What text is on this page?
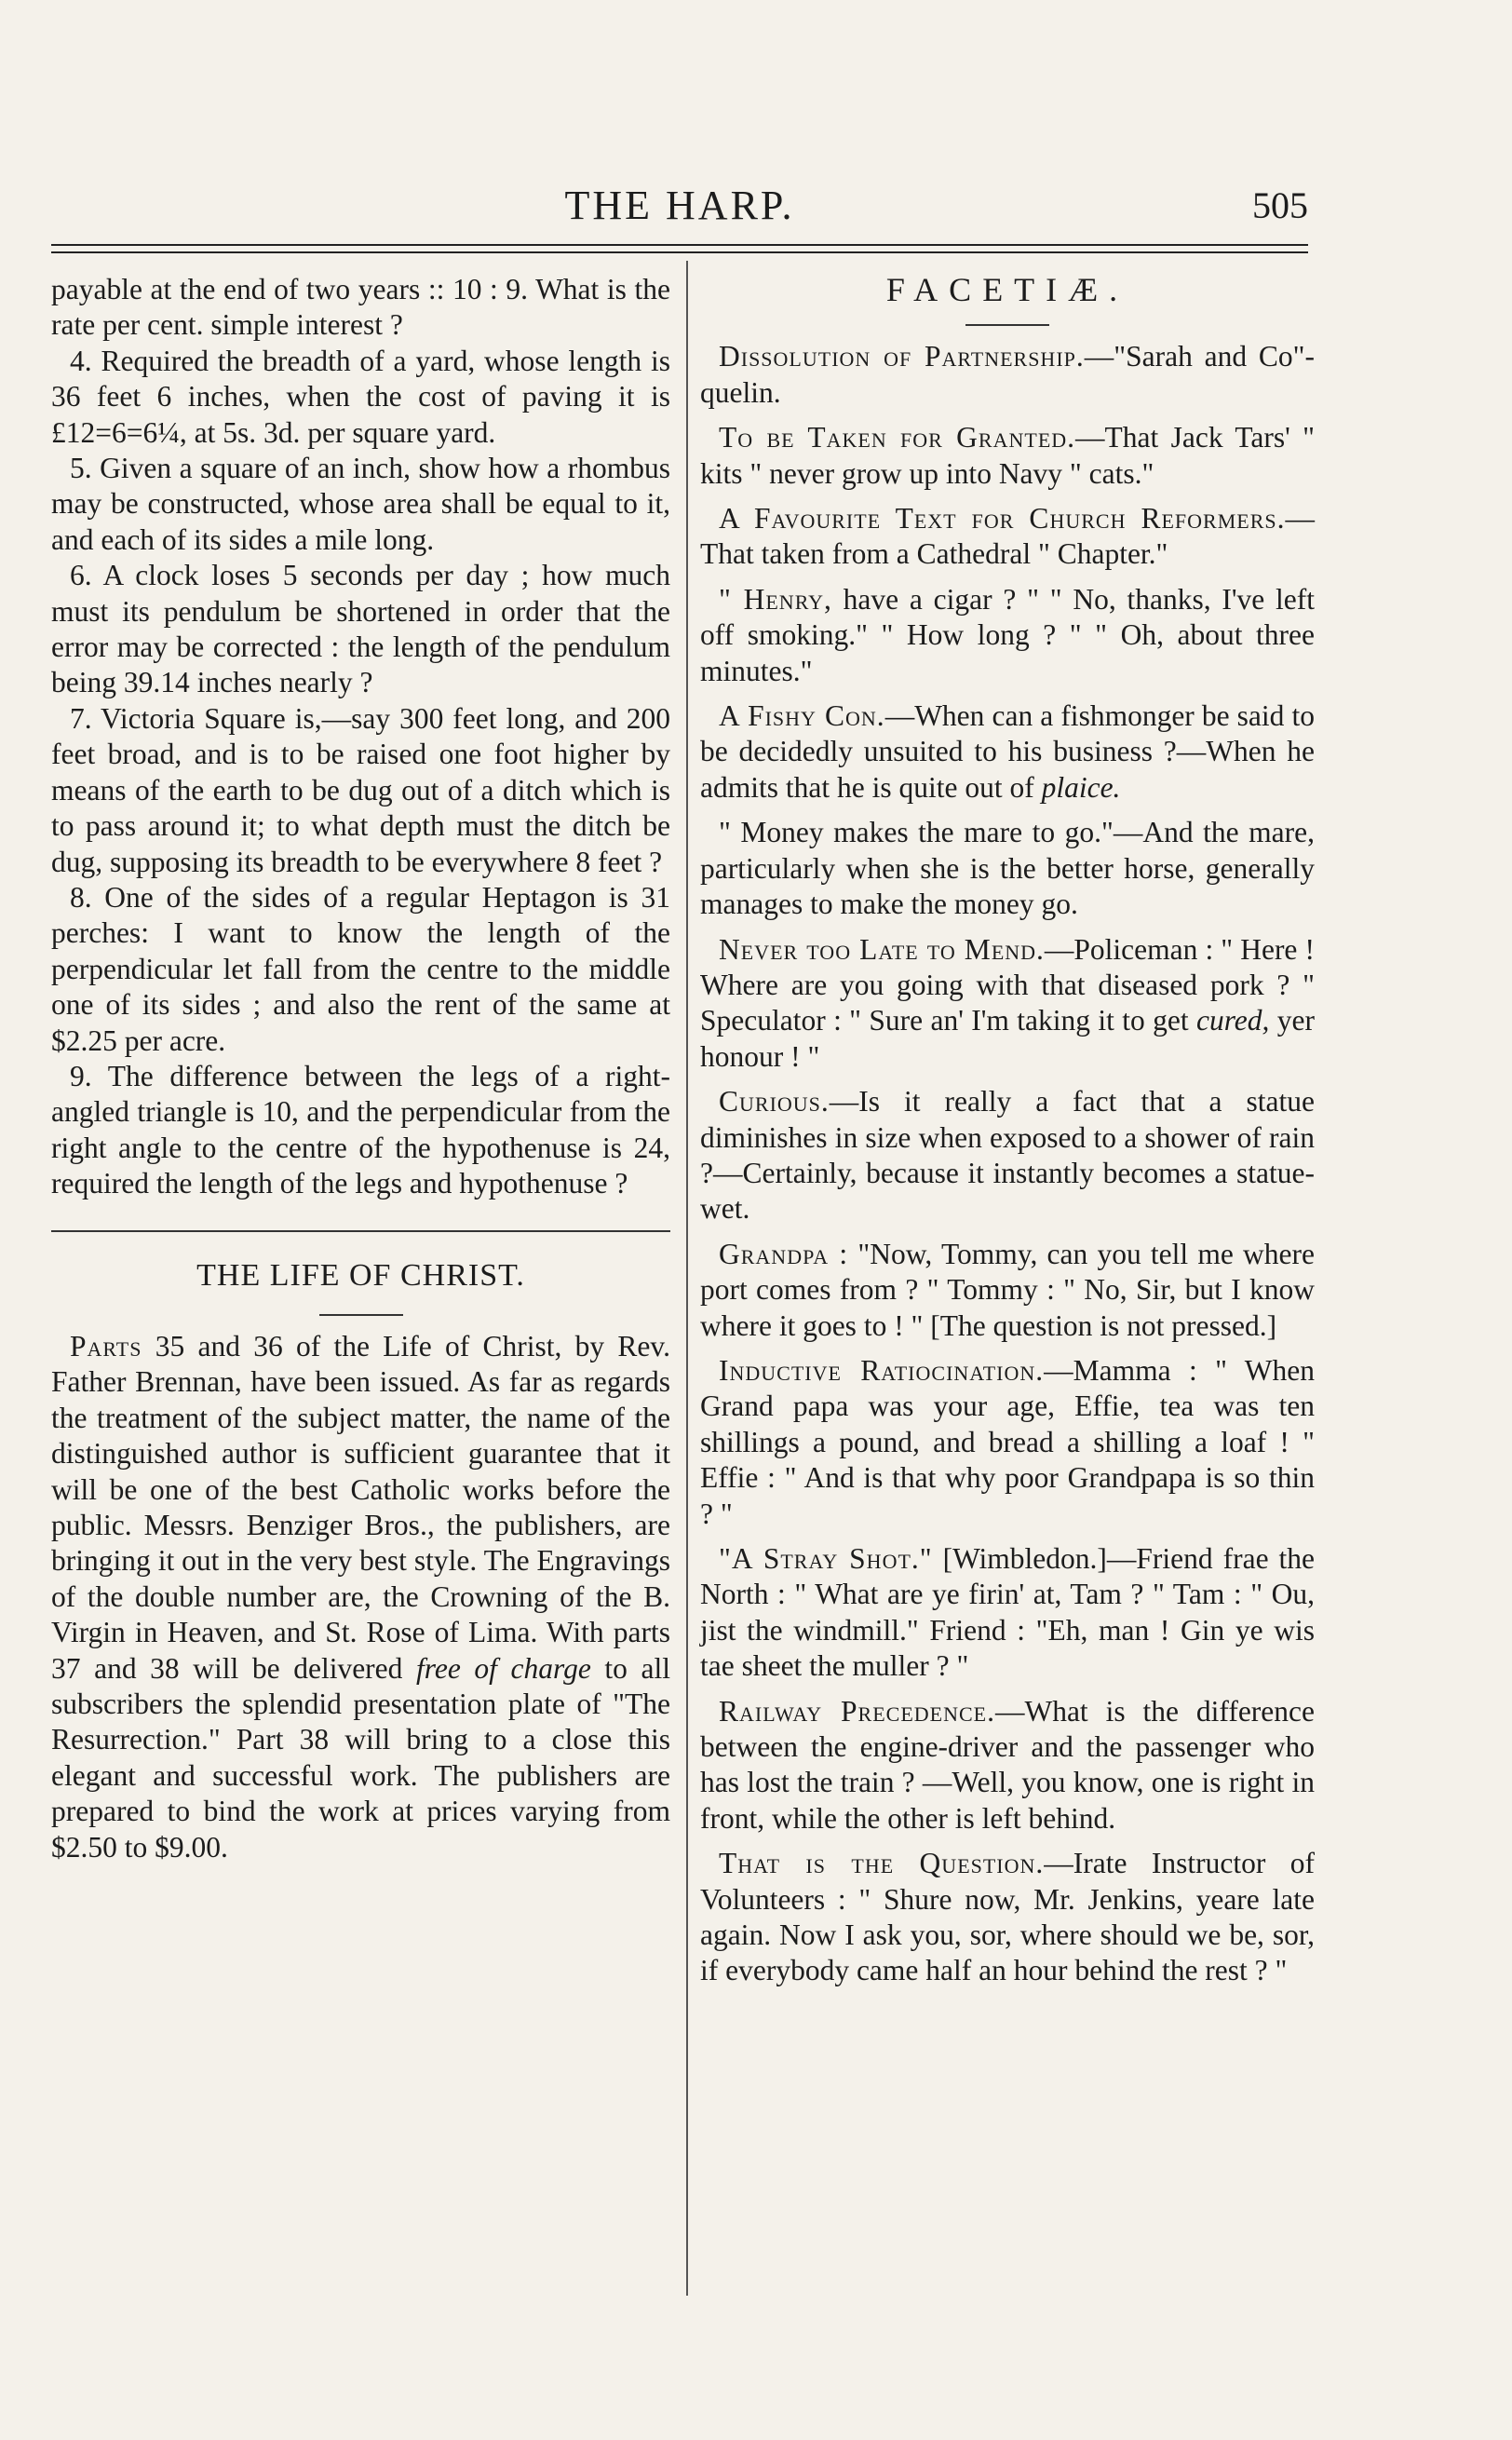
THE HARP.	505

payable at the end of two years :: 10 : 9. What is the rate per cent. simple interest ?

4. Required the breadth of a yard, whose length is 36 feet 6 inches, when the cost of paving it is £12=6=6¼, at 5s. 3d. per square yard.

5. Given a square of an inch, show how a rhombus may be constructed, whose area shall be equal to it, and each of its sides a mile long.

6. A clock loses 5 seconds per day ; how much must its pendulum be shortened in order that the error may be corrected : the length of the pendulum being 39.14 inches nearly ?

7. Victoria Square is,—say 300 feet long, and 200 feet broad, and is to be raised one foot higher by means of the earth to be dug out of a ditch which is to pass around it; to what depth must the ditch be dug, supposing its breadth to be everywhere 8 feet ?

8. One of the sides of a regular Heptagon is 31 perches: I want to know the length of the perpendicular let fall from the centre to the middle one of its sides ; and also the rent of the same at $2.25 per acre.

9. The difference between the legs of a right-angled triangle is 10, and the perpendicular from the right angle to the centre of the hypothenuse is 24, required the length of the legs and hypothenuse ?

THE LIFE OF CHRIST.

Parts 35 and 36 of the Life of Christ, by Rev. Father Brennan, have been issued. As far as regards the treatment of the subject matter, the name of the distinguished author is sufficient guarantee that it will be one of the best Catholic works before the public. Messrs. Benziger Bros., the publishers, are bringing it out in the very best style. The Engravings of the double number are, the Crowning of the B. Virgin in Heaven, and St. Rose of Lima. With parts 37 and 38 will be delivered free of charge to all subscribers the splendid presentation plate of "The Resurrection." Part 38 will bring to a close this elegant and successful work. The publishers are prepared to bind the work at prices varying from $2.50 to $9.00.

FACETIÆ.

Dissolution of Partnership.—"Sarah and Co"-quelin.

To be Taken for Granted.—That Jack Tars' " kits " never grow up into Navy " cats."

A Favourite Text for Church Reformers.—That taken from a Cathedral " Chapter."

" Henry, have a cigar ? " " No, thanks, I've left off smoking." " How long ? " " Oh, about three minutes."

A Fishy Con.—When can a fishmonger be said to be decidedly unsuited to his business ?—When he admits that he is quite out of plaice.

" Money makes the mare to go."—And the mare, particularly when she is the better horse, generally manages to make the money go.

Never too Late to Mend.—Policeman : " Here ! Where are you going with that diseased pork ? " Speculator : " Sure an' I'm taking it to get cured, yer honour ! "

Curious.—Is it really a fact that a statue diminishes in size when exposed to a shower of rain ?—Certainly, because it instantly becomes a statue-wet.

Grandpa : "Now, Tommy, can you tell me where port comes from ? " Tommy : " No, Sir, but I know where it goes to ! " [The question is not pressed.]

Inductive Ratiocination.—Mamma : " When Grand papa was your age, Effie, tea was ten shillings a pound, and bread a shilling a loaf ! " Effie : " And is that why poor Grandpapa is so thin ? "

"A Stray Shot." [Wimbledon.]—Friend frae the North : " What are ye firin' at, Tam ? " Tam : " Ou, jist the windmill." Friend : "Eh, man ! Gin ye wis tae sheet the muller ? "

Railway Precedence.—What is the difference between the engine-driver and the passenger who has lost the train ? —Well, you know, one is right in front, while the other is left behind.

That is the Question.—Irate Instructor of Volunteers : " Shure now, Mr. Jenkins, yeare late again. Now I ask you, sor, where should we be, sor, if everybody came half an hour behind the rest ? "
